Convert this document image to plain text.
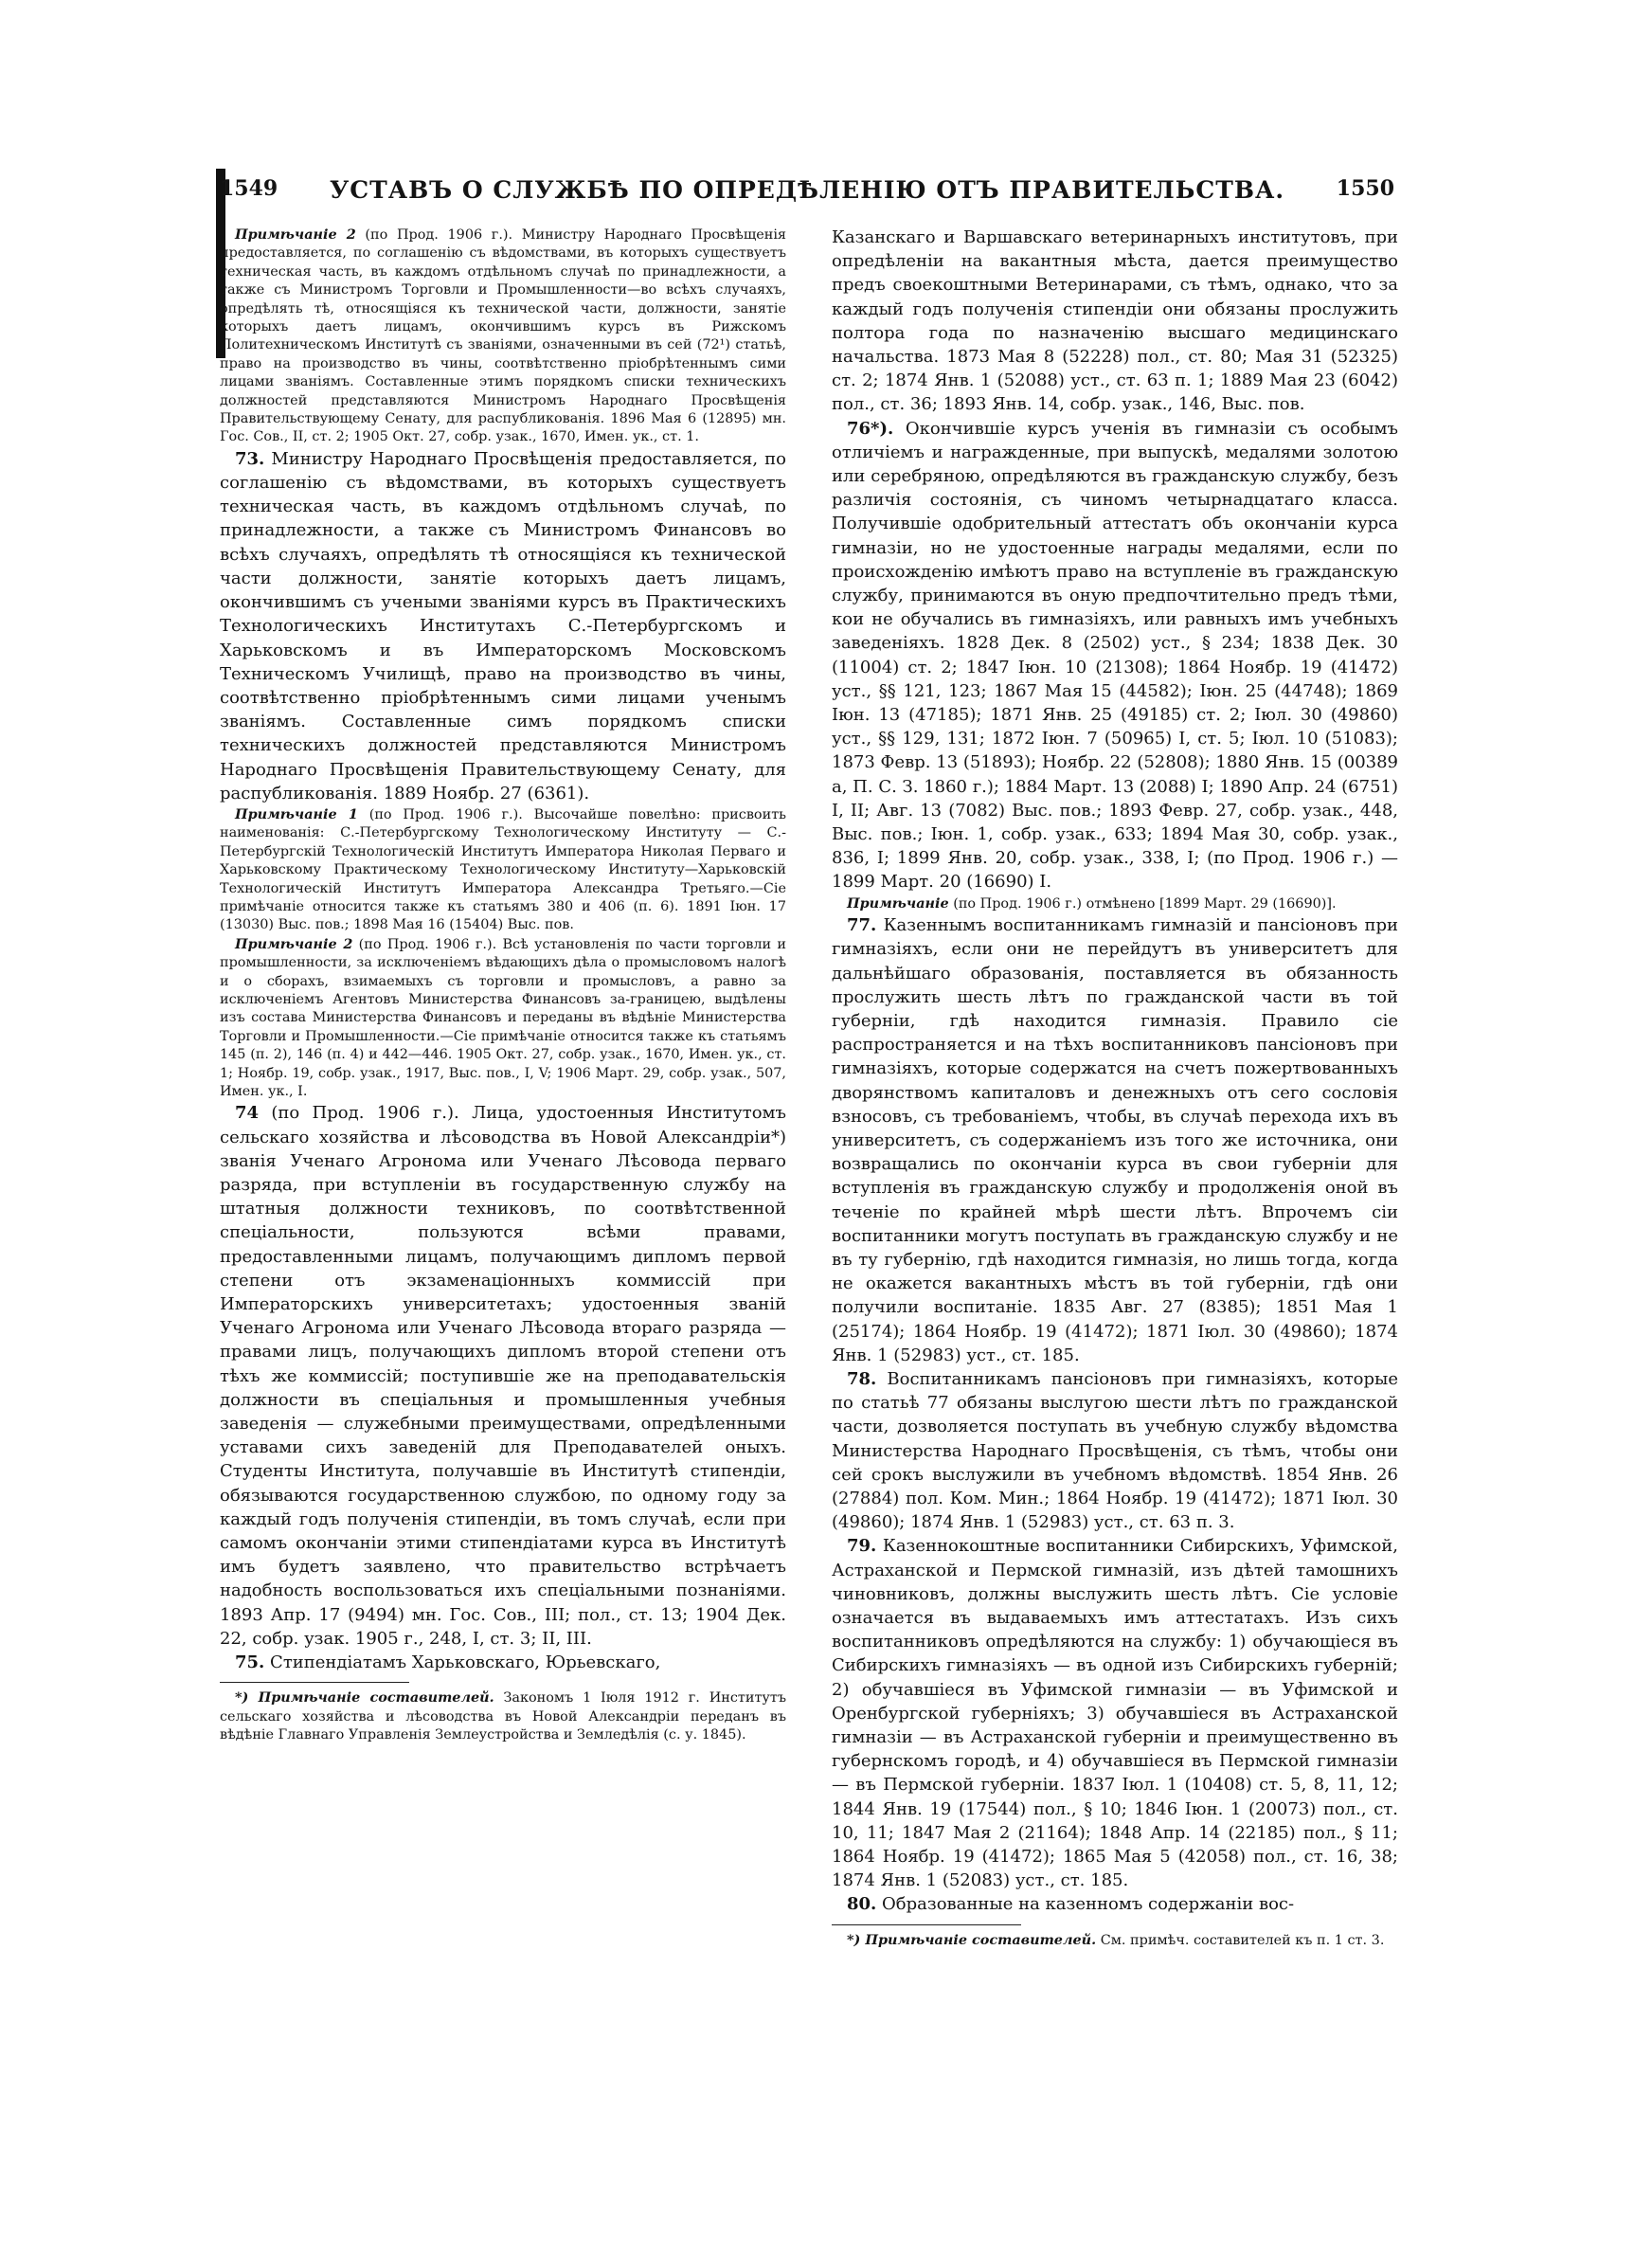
1549	УСТАВЪ О СЛУЖБѢ ПО ОПРЕДѢЛЕНІЮ ОТЪ ПРАВИТЕЛЬСТВА.	1550

Примѣчаніе 2 (по Прод. 1906 г.). Министру Народнаго Просвѣщенія предоставляется, по соглашенію съ вѣдомствами, въ которыхъ существуетъ техническая часть, въ каждомъ отдѣльномъ случаѣ по принадлежности, а также съ Министромъ Торговли и Промышленности—во всѣхъ случаяхъ, опредѣлять тѣ, относящіяся къ технической части, должности, занятіе которыхъ даетъ лицамъ, окончившимъ курсъ въ Рижскомъ Политехническомъ Институтѣ съ званіями, означенными въ сей (72¹) статьѣ, право на производство въ чины, соотвѣтственно пріобрѣтеннымъ сими лицами званіямъ. Составленные этимъ порядкомъ списки техническихъ должностей представляются Министромъ Народнаго Просвѣщенія Правительствующему Сенату, для распубликованія. 1896 Мая 6 (12895) мн. Гос. Сов., II, ст. 2; 1905 Окт. 27, собр. узак., 1670, Имен. ук., ст. 1.

73. Министру Народнаго Просвѣщенія предоставляется, по соглашенію съ вѣдомствами, въ которыхъ существуетъ техническая часть, въ каждомъ отдѣльномъ случаѣ, по принадлежности, а также съ Министромъ Финансовъ во всѣхъ случаяхъ, опредѣлять тѣ относящіяся къ технической части должности, занятіе которыхъ даетъ лицамъ, окончившимъ съ учеными званіями курсъ въ Практическихъ Технологическихъ Институтахъ С.-Петербургскомъ и Харьковскомъ и въ Императорскомъ Московскомъ Техническомъ Училищѣ, право на производство въ чины, соотвѣтственно пріобрѣтеннымъ сими лицами ученымъ званіямъ. Составленные симъ порядкомъ списки техническихъ должностей представляются Министромъ Народнаго Просвѣщенія Правительствующему Сенату, для распубликованія. 1889 Ноябр. 27 (6361).

Примѣчаніе 1 (по Прод. 1906 г.). Высочайше повелѣно: присвоить наименованія: С.-Петербургскому Технологическому Институту — С.-Петербургскій Технологическій Институтъ Императора Николая Перваго и Харьковскому Практическому Технологическому Институту—Харьковскій Технологическій Институтъ Императора Александра Третьяго.—Сіе примѣчаніе относится также къ статьямъ 380 и 406 (п. 6). 1891 Іюн. 17 (13030) Выс. пов.; 1898 Мая 16 (15404) Выс. пов.

Примѣчаніе 2 (по Прод. 1906 г.). Всѣ установленія по части торговли и промышленности, за исключеніемъ вѣдающихъ дѣла о промысловомъ налогѣ и о сборахъ, взимаемыхъ съ торговли и промысловъ, а равно за исключеніемъ Агентовъ Министерства Финансовъ за-границею, выдѣлены изъ состава Министерства Финансовъ и переданы въ вѣдѣніе Министерства Торговли и Промышленности.—Сіе примѣчаніе относится также къ статьямъ 145 (п. 2), 146 (п. 4) и 442—446. 1905 Окт. 27, собр. узак., 1670, Имен. ук., ст. 1; Ноябр. 19, собр. узак., 1917, Выс. пов., I, V; 1906 Март. 29, собр. узак., 507, Имен. ук., I.

74 (по Прод. 1906 г.). Лица, удостоенныя Институтомъ сельскаго хозяйства и лѣсоводства въ Новой Александріи*) званія Ученаго Агронома или Ученаго Лѣсовода перваго разряда, при вступленіи въ государственную службу на штатныя должности техниковъ, по соотвѣтственной спеціальности, пользуются всѣми правами, предоставленными лицамъ, получающимъ дипломъ первой степени отъ экзаменаціонныхъ коммиссій при Императорскихъ университетахъ; удостоенныя званій Ученаго Агронома или Ученаго Лѣсовода втораго разряда — правами лицъ, получающихъ дипломъ второй степени отъ тѣхъ же коммиссій; поступившіе же на преподавательскія должности въ спеціальныя и промышленныя учебныя заведенія — служебными преимуществами, опредѣленными уставами сихъ заведеній для Преподавателей оныхъ. Студенты Института, получавшіе въ Институтѣ стипендіи, обязываются государственною службою, по одному году за каждый годъ полученія стипендіи, въ томъ случаѣ, если при самомъ окончаніи этими стипендіатами курса въ Институтѣ имъ будетъ заявлено, что правительство встрѣчаетъ надобность воспользоваться ихъ спеціальными познаніями. 1893 Апр. 17 (9494) мн. Гос. Сов., III; пол., ст. 13; 1904 Дек. 22, собр. узак. 1905 г., 248, I, ст. 3; II, III.

75. Стипендіатамъ Харьковскаго, Юрьевскаго,

*) Примѣчаніе составителей. Закономъ 1 Іюля 1912 г. Институтъ сельскаго хозяйства и лѣсоводства въ Новой Александріи переданъ въ вѣдѣніе Главнаго Управленія Землеустройства и Земледѣлія (с. у. 1845).

Казанскаго и Варшавскаго ветеринарныхъ институтовъ, при опредѣленіи на вакантныя мѣста, дается преимущество предъ своекоштными Ветеринарами, съ тѣмъ, однако, что за каждый годъ полученія стипендіи они обязаны прослужить полтора года по назначенію высшаго медицинскаго начальства. 1873 Мая 8 (52228) пол., ст. 80; Мая 31 (52325) ст. 2; 1874 Янв. 1 (52088) уст., ст. 63 п. 1; 1889 Мая 23 (6042) пол., ст. 36; 1893 Янв. 14, собр. узак., 146, Выс. пов.

76*). Окончившіе курсъ ученія въ гимназіи съ особымъ отличіемъ и награжденные, при выпускѣ, медалями золотою или серебряною, опредѣляются въ гражданскую службу, безъ различія состоянія, съ чиномъ четырнадцатаго класса. Получившіе одобрительный аттестатъ объ окончаніи курса гимназіи, но не удостоенные награды медалями, если по происхожденію имѣютъ право на вступленіе въ гражданскую службу, принимаются въ оную предпочтительно предъ тѣми, кои не обучались въ гимназіяхъ, или равныхъ имъ учебныхъ заведеніяхъ. 1828 Дек. 8 (2502) уст., § 234; 1838 Дек. 30 (11004) ст. 2; 1847 Іюн. 10 (21308); 1864 Ноябр. 19 (41472) уст., §§ 121, 123; 1867 Мая 15 (44582); Іюн. 25 (44748); 1869 Іюн. 13 (47185); 1871 Янв. 25 (49185) ст. 2; Іюл. 30 (49860) уст., §§ 129, 131; 1872 Іюн. 7 (50965) I, ст. 5; Іюл. 10 (51083); 1873 Февр. 13 (51893); Ноябр. 22 (52808); 1880 Янв. 15 (00389 а, П. С. З. 1860 г.); 1884 Март. 13 (2088) I; 1890 Апр. 24 (6751) I, II; Авг. 13 (7082) Выс. пов.; 1893 Февр. 27, собр. узак., 448, Выс. пов.; Іюн. 1, собр. узак., 633; 1894 Мая 30, собр. узак., 836, I; 1899 Янв. 20, собр. узак., 338, I; (по Прод. 1906 г.) — 1899 Март. 20 (16690) I.

Примѣчаніе (по Прод. 1906 г.) отмѣнено [1899 Март. 29 (16690)].

77. Казеннымъ воспитанникамъ гимназій и пансіоновъ при гимназіяхъ, если они не перейдутъ въ университетъ для дальнѣйшаго образованія, поставляется въ обязанность прослужить шесть лѣтъ по гражданской части въ той губерніи, гдѣ находится гимназія. Правило сіе распространяется и на тѣхъ воспитанниковъ пансіоновъ при гимназіяхъ, которые содержатся на счетъ пожертвованныхъ дворянствомъ капиталовъ и денежныхъ отъ сего сословія взносовъ, съ требованіемъ, чтобы, въ случаѣ перехода ихъ въ университетъ, съ содержаніемъ изъ того же источника, они возвращались по окончаніи курса въ свои губерніи для вступленія въ гражданскую службу и продолженія оной въ теченіе по крайней мѣрѣ шести лѣтъ. Впрочемъ сіи воспитанники могутъ поступать въ гражданскую службу и не въ ту губернію, гдѣ находится гимназія, но лишь тогда, когда не окажется вакантныхъ мѣстъ въ той губерніи, гдѣ они получили воспитаніе. 1835 Авг. 27 (8385); 1851 Мая 1 (25174); 1864 Ноябр. 19 (41472); 1871 Іюл. 30 (49860); 1874 Янв. 1 (52983) уст., ст. 185.

78. Воспитанникамъ пансіоновъ при гимназіяхъ, которые по статьѣ 77 обязаны выслугою шести лѣтъ по гражданской части, дозволяется поступать въ учебную службу вѣдомства Министерства Народнаго Просвѣщенія, съ тѣмъ, чтобы они сей срокъ выслужили въ учебномъ вѣдомствѣ. 1854 Янв. 26 (27884) пол. Ком. Мин.; 1864 Ноябр. 19 (41472); 1871 Іюл. 30 (49860); 1874 Янв. 1 (52983) уст., ст. 63 п. 3.

79. Казеннокоштные воспитанники Сибирскихъ, Уфимской, Астраханской и Пермской гимназій, изъ дѣтей тамошнихъ чиновниковъ, должны выслужить шесть лѣтъ. Сіе условіе означается въ выдаваемыхъ имъ аттестатахъ. Изъ сихъ воспитанниковъ опредѣляются на службу: 1) обучающіеся въ Сибирскихъ гимназіяхъ — въ одной изъ Сибирскихъ губерній; 2) обучавшіеся въ Уфимской гимназіи — въ Уфимской и Оренбургской губерніяхъ; 3) обучавшіеся въ Астраханской гимназіи — въ Астраханской губерніи и преимущественно въ губернскомъ городѣ, и 4) обучавшіеся въ Пермской гимназіи — въ Пермской губерніи. 1837 Іюл. 1 (10408) ст. 5, 8, 11, 12; 1844 Янв. 19 (17544) пол., § 10; 1846 Іюн. 1 (20073) пол., ст. 10, 11; 1847 Мая 2 (21164); 1848 Апр. 14 (22185) пол., § 11; 1864 Ноябр. 19 (41472); 1865 Мая 5 (42058) пол., ст. 16, 38; 1874 Янв. 1 (52083) уст., ст. 185.

80. Образованные на казенномъ содержаніи вос-

*) Примѣчаніе составителей. См. примѣч. составителей къ п. 1 ст. 3.
